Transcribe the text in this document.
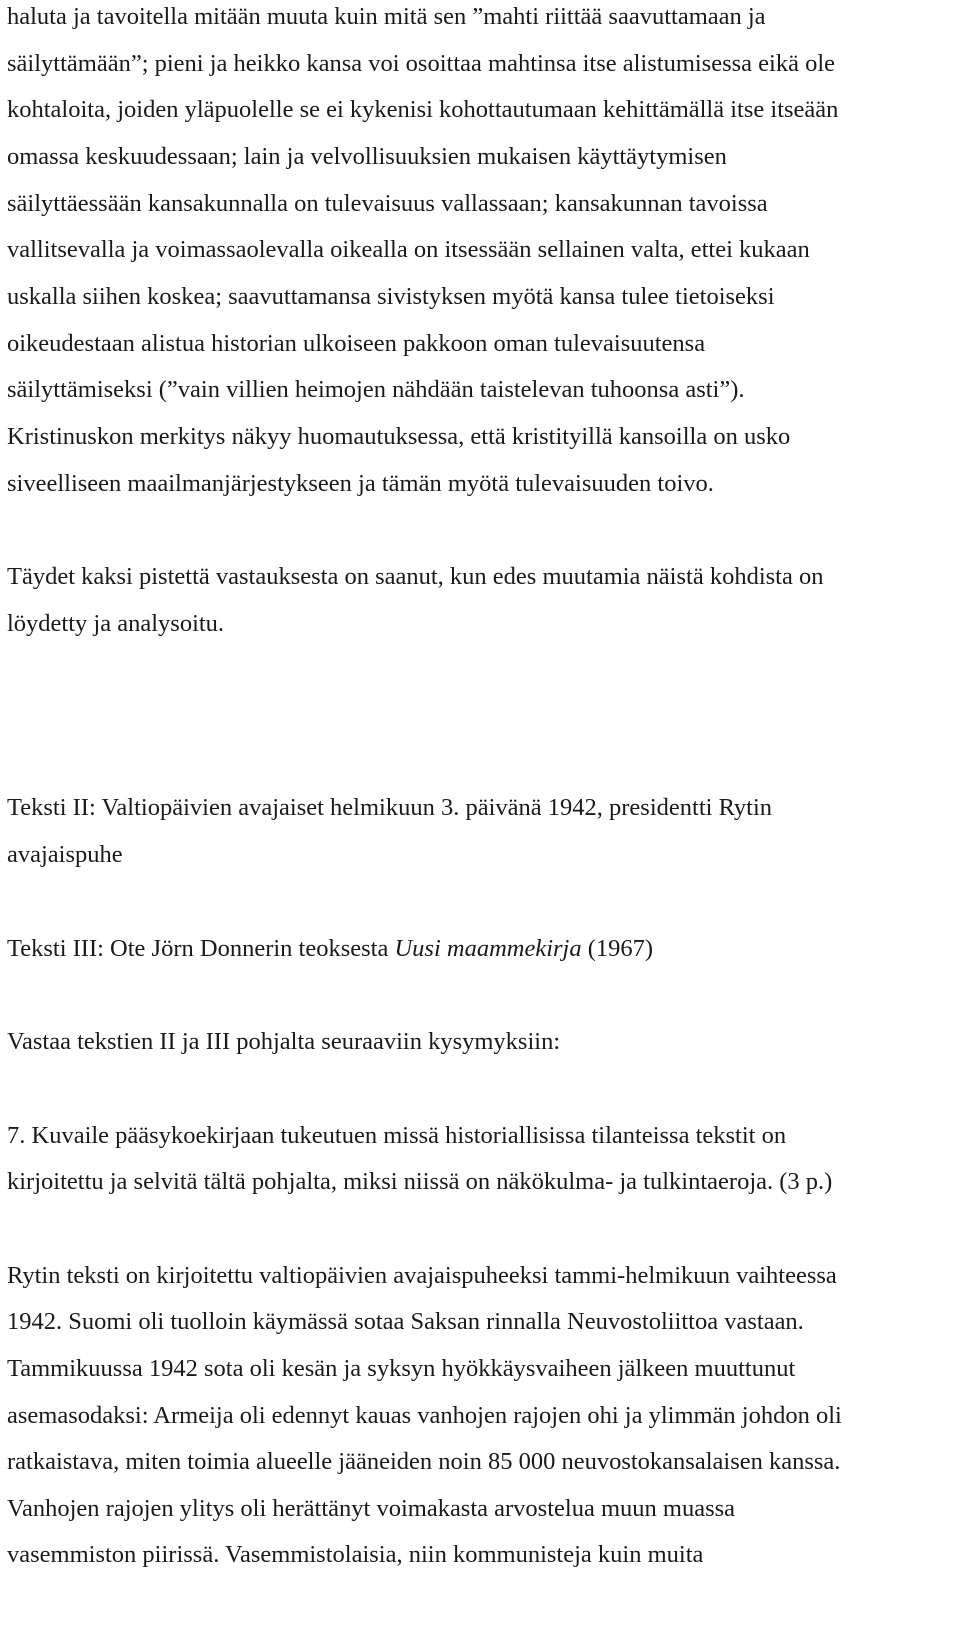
haluta ja tavoitella mitään muuta kuin mitä sen ”mahti riittää saavuttamaan ja
säilyttämään”; pieni ja heikko kansa voi osoittaa mahtinsa itse alistumisessa eikä ole
kohtaloita, joiden yläpuolelle se ei kykenisi kohottautumaan kehittämällä itse itseään
omassa keskuudessaan; lain ja velvollisuuksien mukaisen käyttäytymisen
säilyttäessään kansakunnalla on tulevaisuus vallassaan; kansakunnan tavoissa
vallitsevalla ja voimassaolevalla oikealla on itsessään sellainen valta, ettei kukaan
uskalla siihen koskea; saavuttamansa sivistyksen myötä kansa tulee tietoiseksi
oikeudestaan alistua historian ulkoiseen pakkoon oman tulevaisuutensa
säilyttämiseksi (”vain villien heimojen nähdään taistelevan tuhoonsa asti”).
Kristinuskon merkitys näkyy huomautuksessa, että kristityillä kansoilla on usko
siveelliseen maailmanjärjestykseen ja tämän myötä tulevaisuuden toivo.
Täydet kaksi pistettä vastauksesta on saanut, kun edes muutamia näistä kohdista on
löydetty ja analysoitu.
Teksti II: Valtiopäivien avajaiset helmikuun 3. päivänä 1942, presidentti Rytin
avajaispuhe
Teksti III: Ote Jörn Donnerin teoksesta Uusi maammekirja (1967)
Vastaa tekstien II ja III pohjalta seuraaviin kysymyksiin:
7. Kuvaile pääsykoekirjaan tukeutuen missä historiallisissa tilanteissa tekstit on
kirjoitettu ja selvitä tältä pohjalta, miksi niissä on näkökulma- ja tulkintaeroja. (3 p.)
Rytin teksti on kirjoitettu valtiopäivien avajaispuheeksi tammi-helmikuun vaihteessa
1942. Suomi oli tuolloin käymässä sotaa Saksan rinnalla Neuvostoliittoa vastaan.
Tammikuussa 1942 sota oli kesän ja syksyn hyökkäysvaiheen jälkeen muuttunut
asemasodaksi: Armeija oli edennyt kauas vanhojen rajojen ohi ja ylimmän johdon oli
ratkaistava, miten toimia alueelle jääneiden noin 85 000 neuvostokansalaisen kanssa.
Vanhojen rajojen ylitys oli herättänyt voimakasta arvostelua muun muassa
vasemmiston piirissä. Vasemmistolaisia, niin kommunisteja kuin muita
